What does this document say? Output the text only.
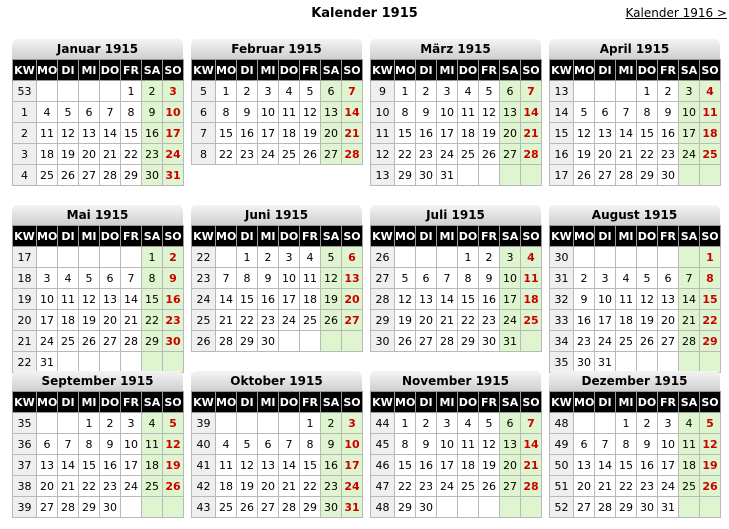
Kalender 1915	Kalender 1916 >
Januar 1915
KW	MO	DI	MI	DO	FR	SA	SO
53					1	2	3
1	4	5	6	7	8	9	10
2	11	12	13	14	15	16	17
3	18	19	20	21	22	23	24
4	25	26	27	28	29	30	31
Februar 1915
KW	MO	DI	MI	DO	FR	SA	SO
5	1	2	3	4	5	6	7
6	8	9	10	11	12	13	14
7	15	16	17	18	19	20	21
8	22	23	24	25	26	27	28
März 1915
KW	MO	DI	MI	DO	FR	SA	SO
9	1	2	3	4	5	6	7
10	8	9	10	11	12	13	14
11	15	16	17	18	19	20	21
12	22	23	24	25	26	27	28
13	29	30	31				
April 1915
KW	MO	DI	MI	DO	FR	SA	SO
13				1	2	3	4
14	5	6	7	8	9	10	11
15	12	13	14	15	16	17	18
16	19	20	21	22	23	24	25
17	26	27	28	29	30		
Mai 1915
KW	MO	DI	MI	DO	FR	SA	SO
17						1	2
18	3	4	5	6	7	8	9
19	10	11	12	13	14	15	16
20	17	18	19	20	21	22	23
21	24	25	26	27	28	29	30
22	31						
Juni 1915
KW	MO	DI	MI	DO	FR	SA	SO
22		1	2	3	4	5	6
23	7	8	9	10	11	12	13
24	14	15	16	17	18	19	20
25	21	22	23	24	25	26	27
26	28	29	30				
Juli 1915
KW	MO	DI	MI	DO	FR	SA	SO
26				1	2	3	4
27	5	6	7	8	9	10	11
28	12	13	14	15	16	17	18
29	19	20	21	22	23	24	25
30	26	27	28	29	30	31	
August 1915
KW	MO	DI	MI	DO	FR	SA	SO
30							1
31	2	3	4	5	6	7	8
32	9	10	11	12	13	14	15
33	16	17	18	19	20	21	22
34	23	24	25	26	27	28	29
35	30	31					
September 1915
KW	MO	DI	MI	DO	FR	SA	SO
35			1	2	3	4	5
36	6	7	8	9	10	11	12
37	13	14	15	16	17	18	19
38	20	21	22	23	24	25	26
39	27	28	29	30			
Oktober 1915
KW	MO	DI	MI	DO	FR	SA	SO
39					1	2	3
40	4	5	6	7	8	9	10
41	11	12	13	14	15	16	17
42	18	19	20	21	22	23	24
43	25	26	27	28	29	30	31
November 1915
KW	MO	DI	MI	DO	FR	SA	SO
44	1	2	3	4	5	6	7
45	8	9	10	11	12	13	14
46	15	16	17	18	19	20	21
47	22	23	24	25	26	27	28
48	29	30					
Dezember 1915
KW	MO	DI	MI	DO	FR	SA	SO
48			1	2	3	4	5
49	6	7	8	9	10	11	12
50	13	14	15	16	17	18	19
51	20	21	22	23	24	25	26
52	27	28	29	30	31		
